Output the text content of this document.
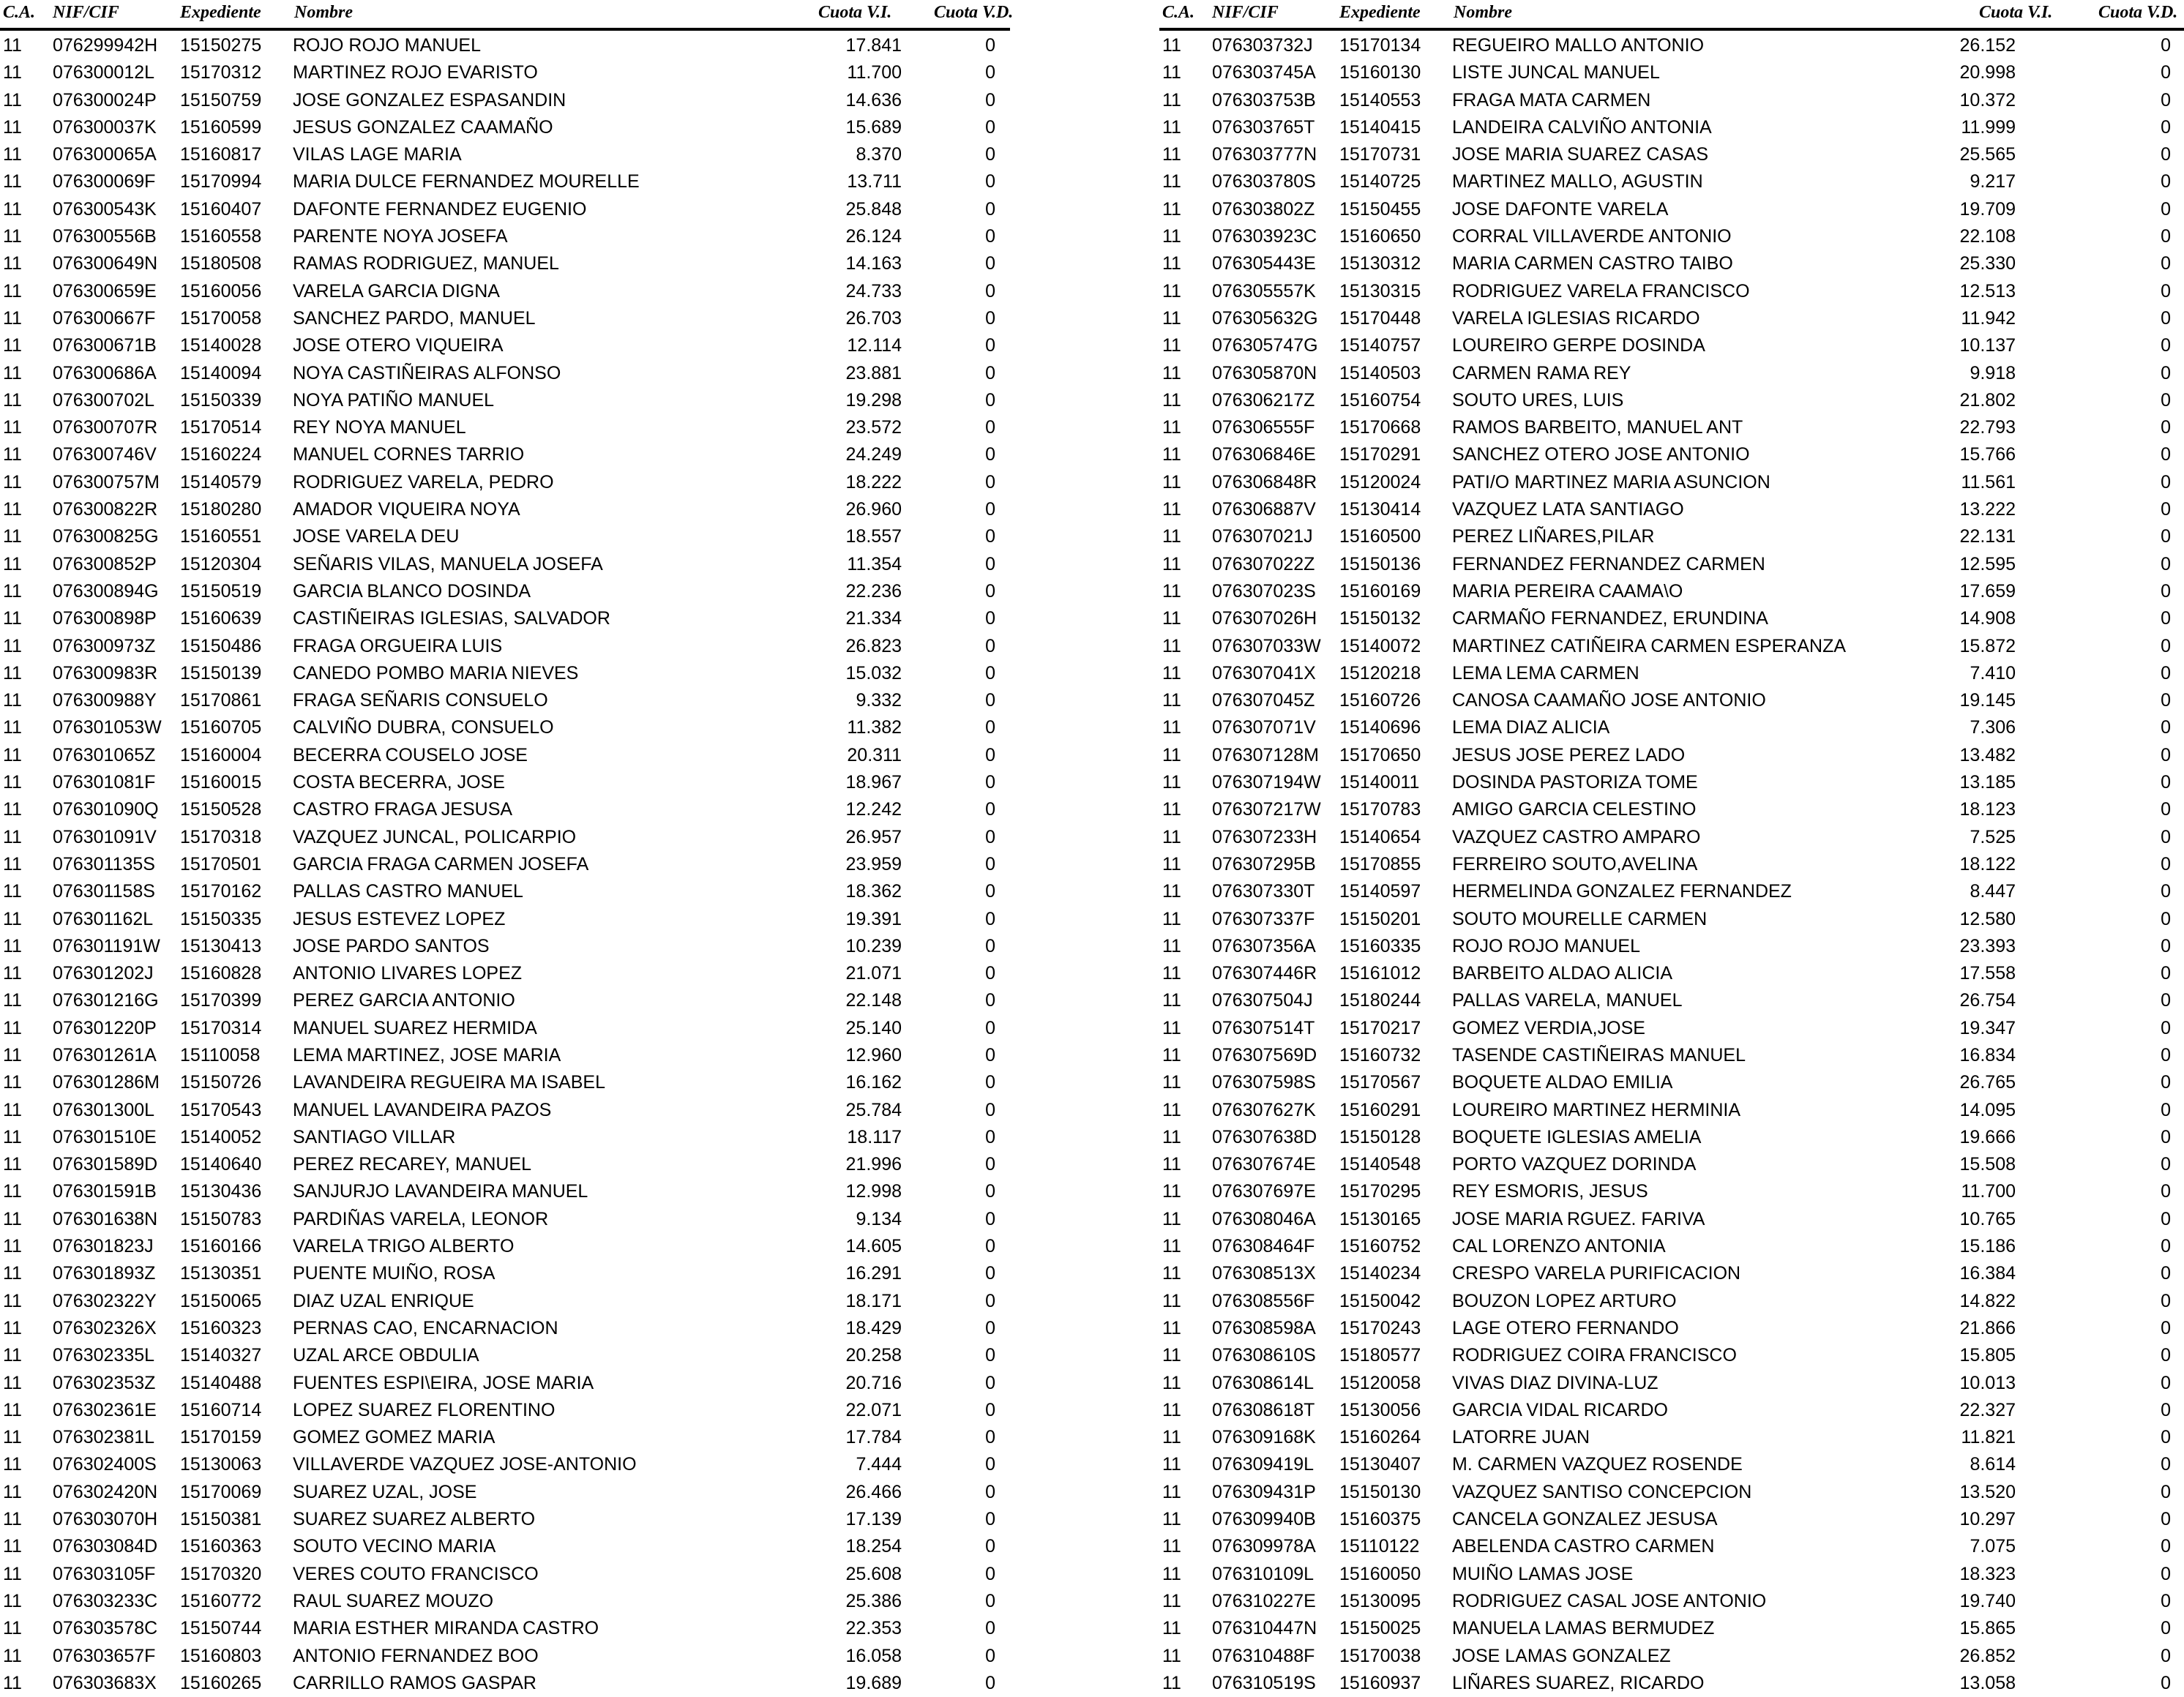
C.A. NIF/CIF	Expediente Nombre	Cuota V.I. Cuota V.D.
11 076299942H 15150275 ROJO ROJO MANUEL	17.841	0
11 076300012L 15170312 MARTINEZ ROJO EVARISTO	11.700	0
11 076300024P 15150759 JOSE GONZALEZ ESPASANDIN	14.636	0
11 076300037K 15160599 JESUS GONZALEZ CAAMAÑO	15.689	0
11 076300065A 15160817 VILAS LAGE MARIA	8.370	0
11 076300069F 15170994 MARIA DULCE FERNANDEZ MOURELLE	13.711	0
11 076300543K 15160407 DAFONTE FERNANDEZ EUGENIO	25.848	0
11 076300556B 15160558 PARENTE NOYA JOSEFA	26.124	0
11 076300649N 15180508 RAMAS RODRIGUEZ, MANUEL	14.163	0
11 076300659E 15160056 VARELA GARCIA DIGNA	24.733	0
11 076300667F 15170058 SANCHEZ PARDO, MANUEL	26.703	0
11 076300671B 15140028 JOSE OTERO VIQUEIRA	12.114	0
11 076300686A 15140094 NOYA CASTIÑEIRAS ALFONSO	23.881	0
11 076300702L 15150339 NOYA PATIÑO MANUEL	19.298	0
11 076300707R 15170514 REY NOYA MANUEL	23.572	0
11 076300746V 15160224 MANUEL CORNES TARRIO	24.249	0
11 076300757M 15140579 RODRIGUEZ VARELA, PEDRO	18.222	0
11 076300822R 15180280 AMADOR VIQUEIRA NOYA	26.960	0
11 076300825G 15160551 JOSE VARELA DEU	18.557	0
11 076300852P 15120304 SEÑARIS VILAS, MANUELA JOSEFA	11.354	0
11 076300894G 15150519 GARCIA BLANCO DOSINDA	22.236	0
11 076300898P 15160639 CASTIÑEIRAS IGLESIAS, SALVADOR	21.334	0
11 076300973Z 15150486 FRAGA ORGUEIRA LUIS	26.823	0
11 076300983R 15150139 CANEDO POMBO MARIA NIEVES	15.032	0
11 076300988Y 15170861 FRAGA SEÑARIS CONSUELO	9.332	0
11 076301053W 15160705 CALVIÑO DUBRA, CONSUELO	11.382	0
11 076301065Z 15160004 BECERRA COUSELO JOSE	20.311	0
11 076301081F 15160015 COSTA BECERRA, JOSE	18.967	0
11 076301090Q 15150528 CASTRO FRAGA JESUSA	12.242	0
11 076301091V 15170318 VAZQUEZ JUNCAL, POLICARPIO	26.957	0
11 076301135S 15170501 GARCIA FRAGA CARMEN JOSEFA	23.959	0
11 076301158S 15170162 PALLAS CASTRO MANUEL	18.362	0
11 076301162L 15150335 JESUS ESTEVEZ LOPEZ	19.391	0
11 076301191W 15130413 JOSE PARDO SANTOS	10.239	0
11 076301202J 15160828 ANTONIO LIVARES LOPEZ	21.071	0
11 076301216G 15170399 PEREZ GARCIA ANTONIO	22.148	0
11 076301220P 15170314 MANUEL SUAREZ HERMIDA	25.140	0
11 076301261A 15110058 LEMA MARTINEZ, JOSE MARIA	12.960	0
11 076301286M 15150726 LAVANDEIRA REGUEIRA MA ISABEL	16.162	0
11 076301300L 15170543 MANUEL LAVANDEIRA PAZOS	25.784	0
11 076301510E 15140052 SANTIAGO VILLAR	18.117	0
11 076301589D 15140640 PEREZ RECAREY, MANUEL	21.996	0
11 076301591B 15130436 SANJURJO LAVANDEIRA MANUEL	12.998	0
11 076301638N 15150783 PARDIÑAS VARELA, LEONOR	9.134	0
11 076301823J 15160166 VARELA TRIGO ALBERTO	14.605	0
11 076301893Z 15130351 PUENTE MUIÑO, ROSA	16.291	0
11 076302322Y 15150065 DIAZ UZAL ENRIQUE	18.171	0
11 076302326X 15160323 PERNAS CAO, ENCARNACION	18.429	0
11 076302335L 15140327 UZAL ARCE OBDULIA	20.258	0
11 076302353Z 15140488 FUENTES ESPI\EIRA, JOSE MARIA	20.716	0
11 076302361E 15160714 LOPEZ SUAREZ FLORENTINO	22.071	0
11 076302381L 15170159 GOMEZ GOMEZ MARIA	17.784	0
11 076302400S 15130063 VILLAVERDE VAZQUEZ JOSE-ANTONIO	7.444	0
11 076302420N 15170069 SUAREZ UZAL, JOSE	26.466	0
11 076303070H 15150381 SUAREZ SUAREZ ALBERTO	17.139	0
11 076303084D 15160363 SOUTO VECINO MARIA	18.254	0
11 076303105F 15170320 VERES COUTO FRANCISCO	25.608	0
11 076303233C 15160772 RAUL SUAREZ MOUZO	25.386	0
11 076303578C 15150744 MARIA ESTHER MIRANDA CASTRO	22.353	0
11 076303657F 15160803 ANTONIO FERNANDEZ BOO	16.058	0
11 076303683X 15160265 CARRILLO RAMOS GASPAR	19.689	0
C.A. NIF/CIF	Expediente Nombre	Cuota V.I.	Cuota V.D.
11 076303732J 15170134 REGUEIRO MALLO ANTONIO	26.152	0
11 076303745A 15160130 LISTE JUNCAL MANUEL	20.998	0
11 076303753B 15140553 FRAGA MATA CARMEN	10.372	0
11 076303765T 15140415 LANDEIRA CALVIÑO ANTONIA	11.999	0
11 076303777N 15170731 JOSE MARIA SUAREZ CASAS	25.565	0
11 076303780S 15140725 MARTINEZ MALLO, AGUSTIN	9.217	0
11 076303802Z 15150455 JOSE DAFONTE VARELA	19.709	0
11 076303923C 15160650 CORRAL VILLAVERDE ANTONIO	22.108	0
11 076305443E 15130312 MARIA CARMEN CASTRO TAIBO	25.330	0
11 076305557K 15130315 RODRIGUEZ VARELA FRANCISCO	12.513	0
11 076305632G 15170448 VARELA IGLESIAS RICARDO	11.942	0
11 076305747G 15140757 LOUREIRO GERPE DOSINDA	10.137	0
11 076305870N 15140503 CARMEN RAMA REY	9.918	0
11 076306217Z 15160754 SOUTO URES, LUIS	21.802	0
11 076306555F 15170668 RAMOS BARBEITO, MANUEL ANT	22.793	0
11 076306846E 15170291 SANCHEZ OTERO JOSE ANTONIO	15.766	0
11 076306848R 15120024 PATI/O MARTINEZ MARIA ASUNCION	11.561	0
11 076306887V 15130414 VAZQUEZ LATA SANTIAGO	13.222	0
11 076307021J 15160500 PEREZ LIÑARES,PILAR	22.131	0
11 076307022Z 15150136 FERNANDEZ FERNANDEZ CARMEN	12.595	0
11 076307023S 15160169 MARIA PEREIRA CAAMA\O	17.659	0
11 076307026H 15150132 CARMAÑO FERNANDEZ, ERUNDINA	14.908	0
11 076307033W 15140072 MARTINEZ CATIÑEIRA CARMEN ESPERANZA	15.872	0
11 076307041X 15120218 LEMA LEMA CARMEN	7.410	0
11 076307045Z 15160726 CANOSA CAAMAÑO JOSE ANTONIO	19.145	0
11 076307071V 15140696 LEMA DIAZ ALICIA	7.306	0
11 076307128M 15170650 JESUS JOSE PEREZ LADO	13.482	0
11 076307194W 15140011 DOSINDA PASTORIZA TOME	13.185	0
11 076307217W 15170783 AMIGO GARCIA CELESTINO	18.123	0
11 076307233H 15140654 VAZQUEZ CASTRO AMPARO	7.525	0
11 076307295B 15170855 FERREIRO SOUTO,AVELINA	18.122	0
11 076307330T 15140597 HERMELINDA GONZALEZ FERNANDEZ	8.447	0
11 076307337F 15150201 SOUTO MOURELLE CARMEN	12.580	0
11 076307356A 15160335 ROJO ROJO MANUEL	23.393	0
11 076307446R 15161012 BARBEITO ALDAO ALICIA	17.558	0
11 076307504J 15180244 PALLAS VARELA, MANUEL	26.754	0
11 076307514T 15170217 GOMEZ VERDIA,JOSE	19.347	0
11 076307569D 15160732 TASENDE CASTIÑEIRAS MANUEL	16.834	0
11 076307598S 15170567 BOQUETE ALDAO EMILIA	26.765	0
11 076307627K 15160291 LOUREIRO MARTINEZ HERMINIA	14.095	0
11 076307638D 15150128 BOQUETE IGLESIAS AMELIA	19.666	0
11 076307674E 15140548 PORTO VAZQUEZ DORINDA	15.508	0
11 076307697E 15170295 REY ESMORIS, JESUS	11.700	0
11 076308046A 15130165 JOSE MARIA RGUEZ. FARIVA	10.765	0
11 076308464F 15160752 CAL LORENZO ANTONIA	15.186	0
11 076308513X 15140234 CRESPO VARELA PURIFICACION	16.384	0
11 076308556F 15150042 BOUZON LOPEZ ARTURO	14.822	0
11 076308598A 15170243 LAGE OTERO FERNANDO	21.866	0
11 076308610S 15180577 RODRIGUEZ COIRA FRANCISCO	15.805	0
11 076308614L 15120058 VIVAS DIAZ DIVINA-LUZ	10.013	0
11 076308618T 15130056 GARCIA VIDAL RICARDO	22.327	0
11 076309168K 15160264 LATORRE JUAN	11.821	0
11 076309419L 15130407 M. CARMEN VAZQUEZ ROSENDE	8.614	0
11 076309431P 15150130 VAZQUEZ SANTISO CONCEPCION	13.520	0
11 076309940B 15160375 CANCELA GONZALEZ JESUSA	10.297	0
11 076309978A 15110122 ABELENDA CASTRO CARMEN	7.075	0
11 076310109L 15160050 MUIÑO LAMAS JOSE	18.323	0
11 076310227E 15130095 RODRIGUEZ CASAL JOSE ANTONIO	19.740	0
11 076310447N 15150025 MANUELA LAMAS BERMUDEZ	15.865	0
11 076310488F 15170038 JOSE LAMAS GONZALEZ	26.852	0
11 076310519S 15160937 LIÑARES SUAREZ, RICARDO	13.058	0
